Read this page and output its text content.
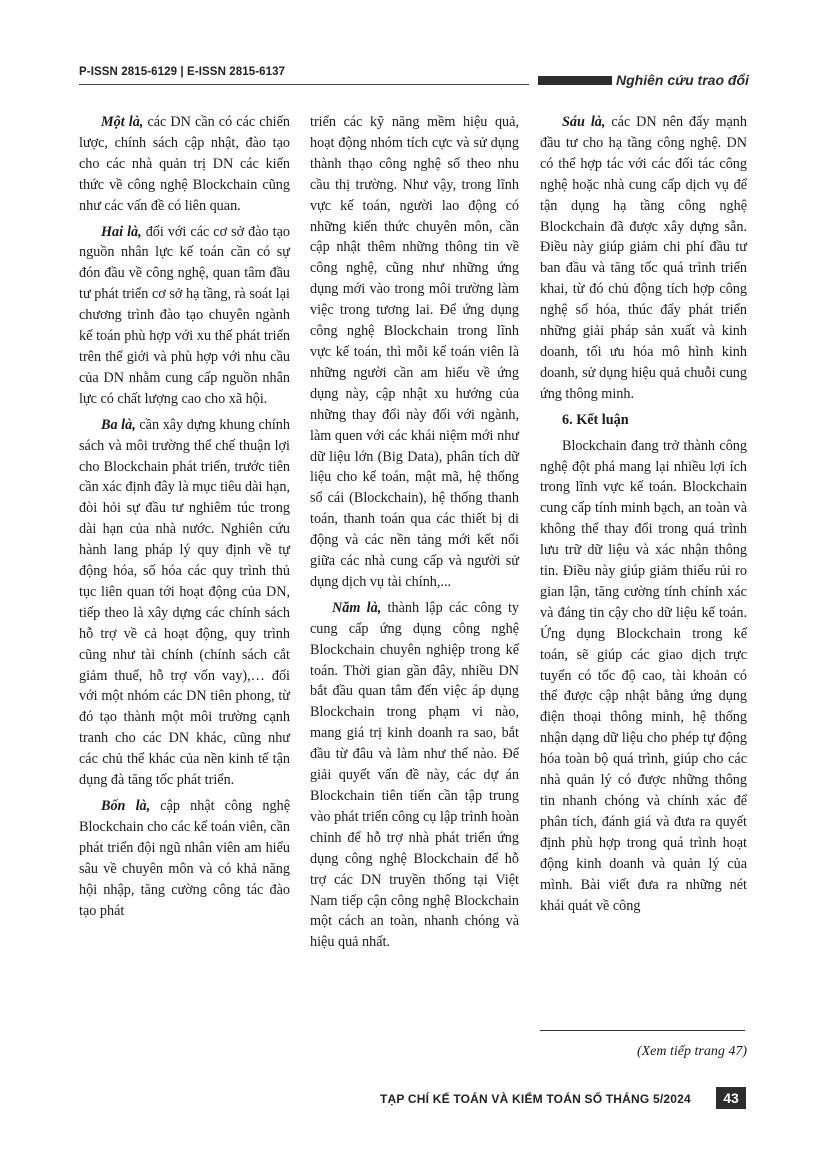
P-ISSN 2815-6129 | E-ISSN 2815-6137	Nghiên cứu trao đổi

Một là, các DN cần có các chiến lược, chính sách cập nhật, đào tạo cho các nhà quản trị DN các kiến thức về công nghệ Blockchain cũng như các vấn đề có liên quan.

Hai là, đối với các cơ sở đào tạo nguồn nhân lực kế toán cần có sự đón đầu về công nghệ, quan tâm đầu tư phát triển cơ sở hạ tầng, rà soát lại chương trình đào tạo chuyên ngành kế toán phù hợp với xu thế phát triển trên thế giới và phù hợp với nhu cầu của DN nhằm cung cấp nguồn nhân lực có chất lượng cao cho xã hội.

Ba là, cần xây dựng khung chính sách và môi trường thể chế thuận lợi cho Blockchain phát triển, trước tiên cần xác định đây là mục tiêu dài hạn, đòi hỏi sự đầu tư nghiêm túc trong dài hạn của nhà nước. Nghiên cứu hành lang pháp lý quy định về tự động hóa, số hóa các quy trình thủ tục liên quan tới hoạt động của DN, tiếp theo là xây dựng các chính sách hỗ trợ về cả hoạt động, quy trình cũng như tài chính (chính sách cắt giảm thuế, hỗ trợ vốn vay),… đối với một nhóm các DN tiên phong, từ đó tạo thành một môi trường cạnh tranh cho các DN khác, cũng như các chủ thể khác của nền kinh tế tận dụng đà tăng tốc phát triển.

Bốn là, cập nhật công nghệ Blockchain cho các kế toán viên, cần phát triển đội ngũ nhân viên am hiểu sâu về chuyên môn và có khả năng hội nhập, tăng cường công tác đào tạo phát

triển các kỹ năng mềm hiệu quả, hoạt động nhóm tích cực và sử dụng thành thạo công nghệ số theo nhu cầu thị trường. Như vậy, trong lĩnh vực kế toán, người lao động có những kiến thức chuyên môn, cần cập nhật thêm những thông tin về công nghệ, cũng như những ứng dụng mới vào trong môi trường làm việc trong tương lai. Để ứng dụng công nghệ Blockchain trong lĩnh vực kế toán, thì mỗi kế toán viên là những người cần am hiểu về ứng dụng này, cập nhật xu hướng của những thay đổi này đối với ngành, làm quen với các khái niệm mới như dữ liệu lớn (Big Data), phân tích dữ liệu cho kế toán, mật mã, hệ thống sổ cái (Blockchain), hệ thống thanh toán, thanh toán qua các thiết bị di động và các nền tảng mới kết nối giữa các nhà cung cấp và người sử dụng dịch vụ tài chính,...

Năm là, thành lập các công ty cung cấp ứng dụng công nghệ Blockchain chuyên nghiệp trong kế toán. Thời gian gần đây, nhiều DN bắt đầu quan tâm đến việc áp dụng Blockchain trong phạm vi nào, mang giá trị kinh doanh ra sao, bắt đầu từ đâu và làm như thế nào. Để giải quyết vấn đề này, các dự án Blockchain tiên tiến cần tập trung vào phát triển công cụ lập trình hoàn chỉnh để hỗ trợ nhà phát triển ứng dụng công nghệ Blockchain để hỗ trợ các DN truyền thống tại Việt Nam tiếp cận công nghệ Blockchain một cách an toàn, nhanh chóng và hiệu quả nhất.

Sáu là, các DN nên đẩy mạnh đầu tư cho hạ tầng công nghệ. DN có thể hợp tác với các đối tác công nghệ hoặc nhà cung cấp dịch vụ để tận dụng hạ tầng công nghệ Blockchain đã được xây dựng sẵn. Điều này giúp giảm chi phí đầu tư ban đầu và tăng tốc quá trình triển khai, từ đó chủ động tích hợp công nghệ số hóa, thúc đẩy phát triển những giải pháp sản xuất và kinh doanh, tối ưu hóa mô hình kinh doanh, sử dụng hiệu quả chuỗi cung ứng thông minh.

6. Kết luận

Blockchain đang trở thành công nghệ đột phá mang lại nhiều lợi ích trong lĩnh vực kế toán. Blockchain cung cấp tính minh bạch, an toàn và không thể thay đổi trong quá trình lưu trữ dữ liệu và xác nhận thông tin. Điều này giúp giảm thiểu rủi ro gian lận, tăng cường tính chính xác và đáng tin cậy cho dữ liệu kế toán. Ứng dụng Blockchain trong kế toán, sẽ giúp các giao dịch trực tuyến có tốc độ cao, tài khoản có thể được cập nhật bằng ứng dụng điện thoại thông minh, hệ thống nhận dạng dữ liệu cho phép tự động hóa toàn bộ quá trình, giúp cho các nhà quản lý có được những thông tin nhanh chóng và chính xác để phân tích, đánh giá và đưa ra quyết định phù hợp trong quá trình hoạt động kinh doanh và quản lý của mình. Bài viết đưa ra những nét khái quát về công

(Xem tiếp trang 47)
TẠP CHÍ KẾ TOÁN VÀ KIỂM TOÁN SỐ THÁNG 5/2024	43
